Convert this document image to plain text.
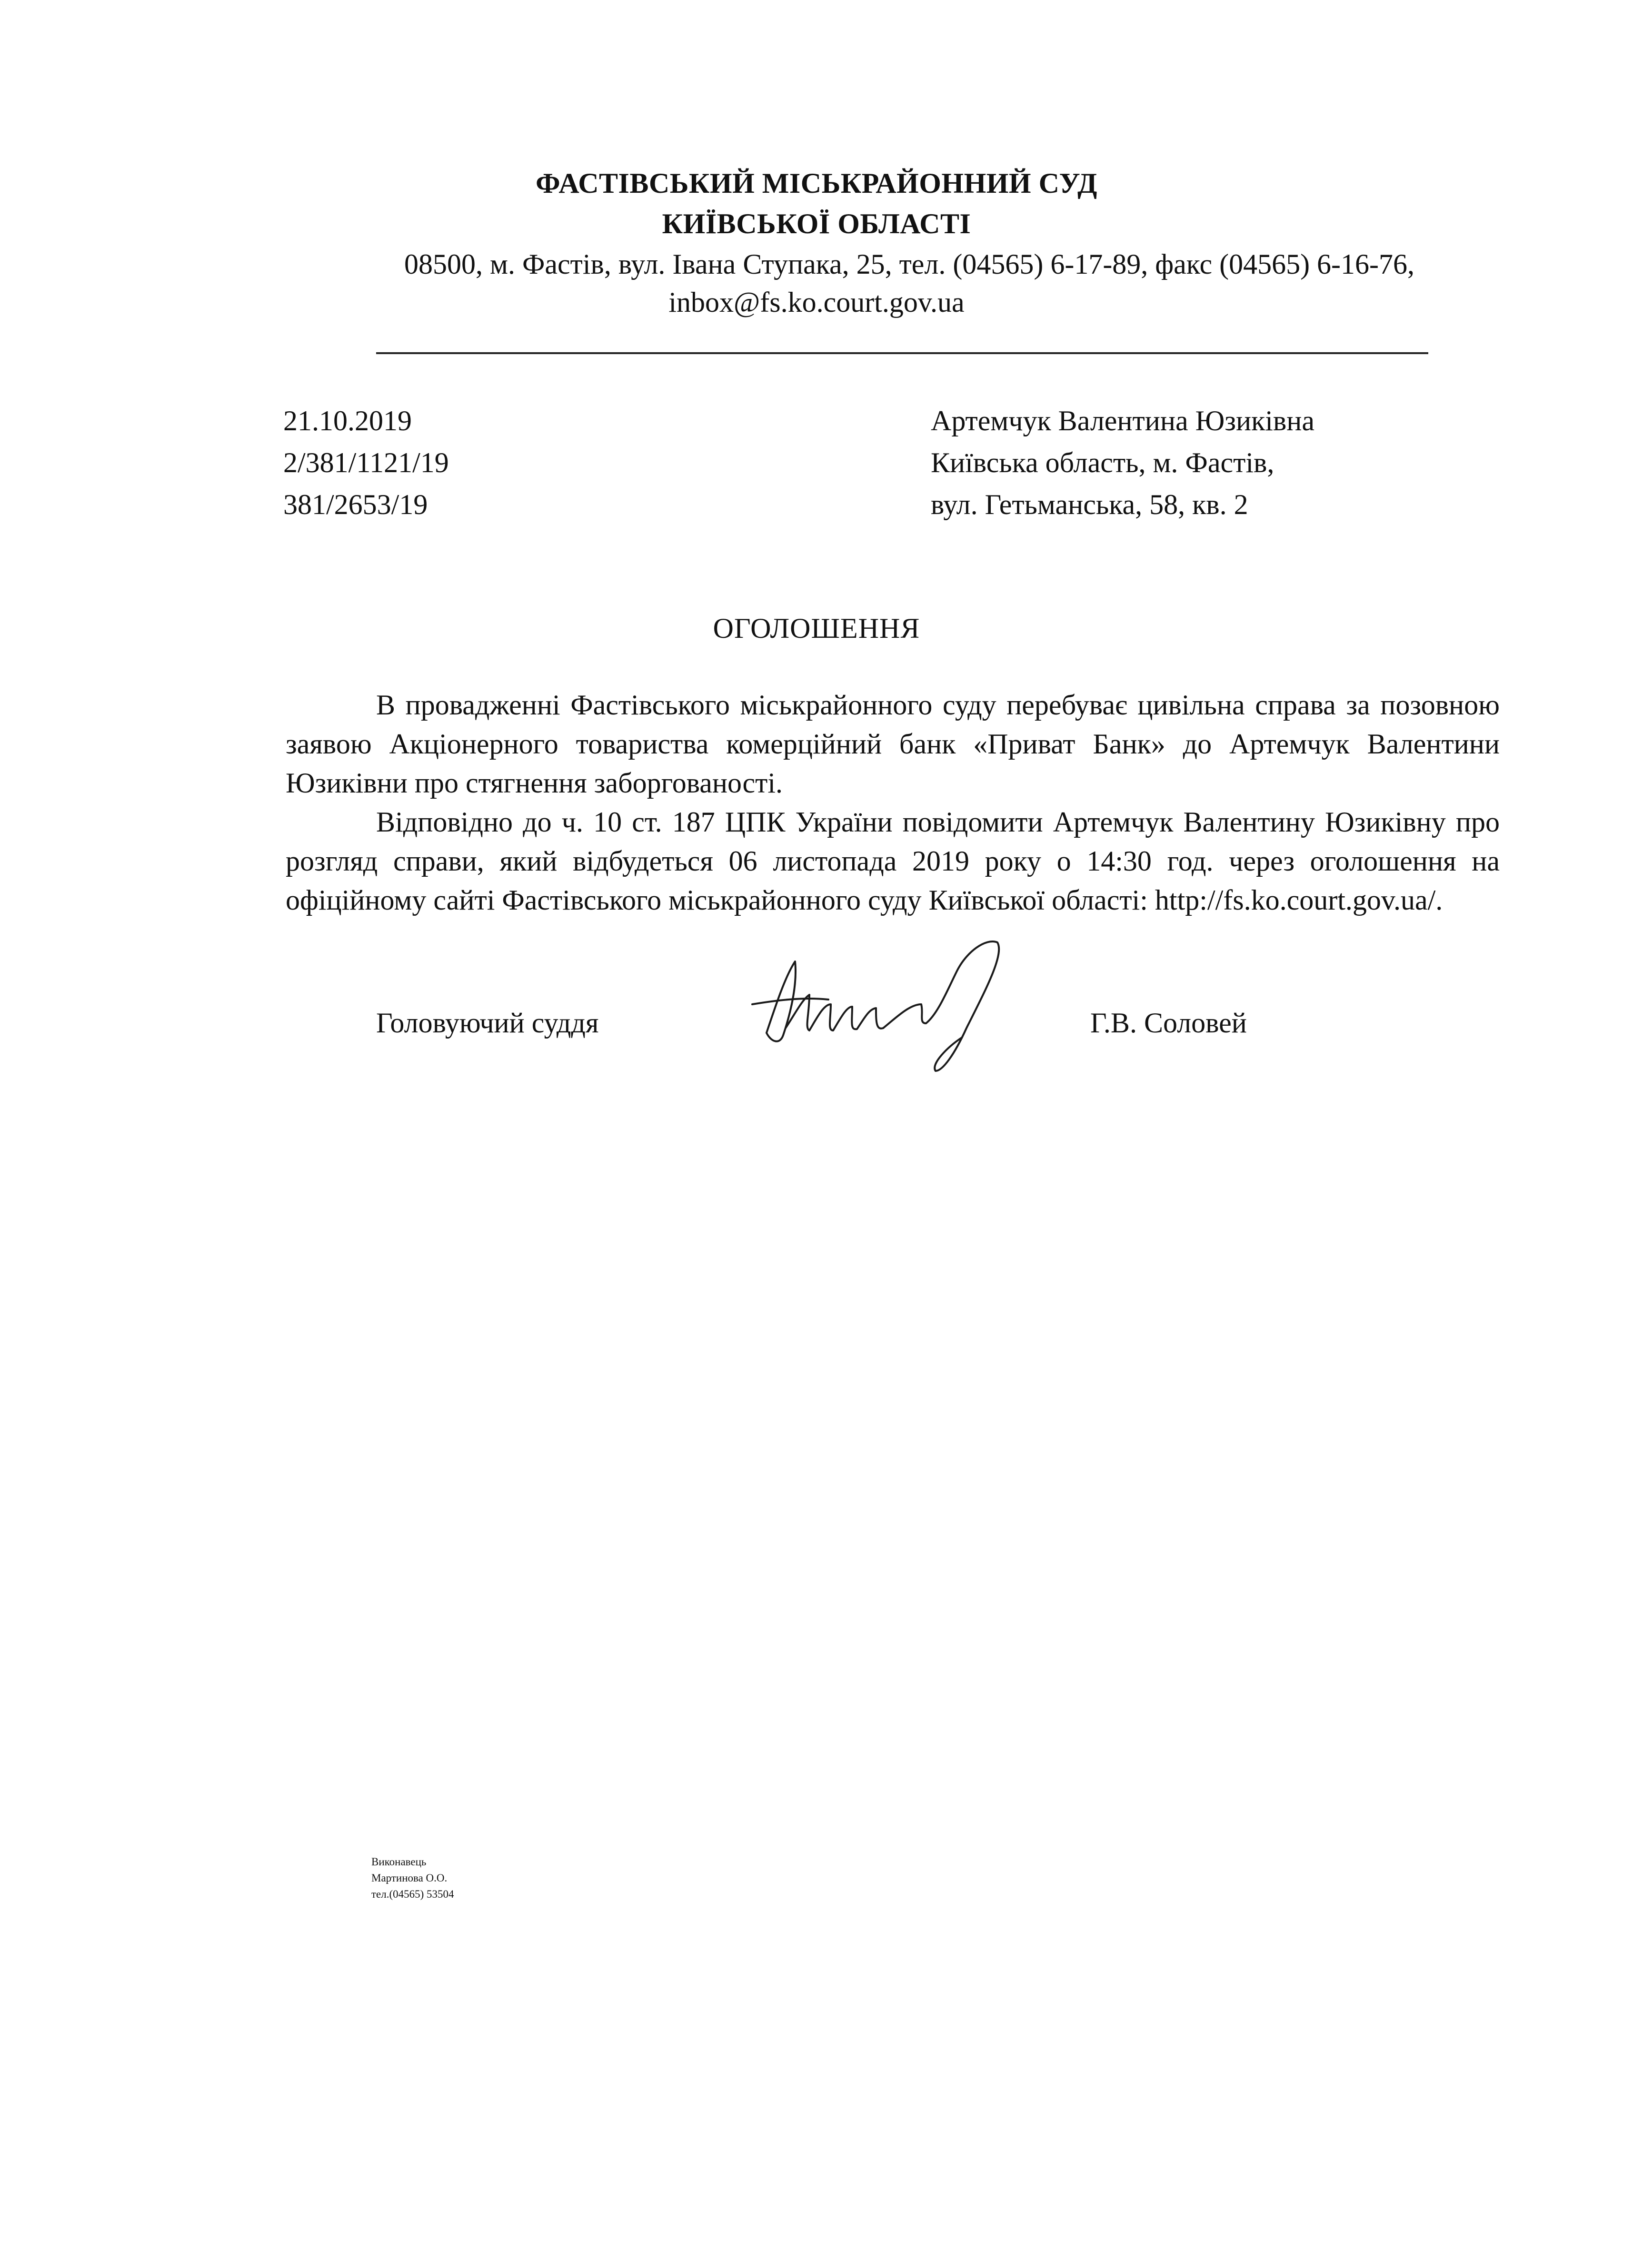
ФАСТІВСЬКИЙ МІСЬКРАЙОННИЙ СУД
КИЇВСЬКОЇ ОБЛАСТІ
08500, м. Фастів, вул. Івана Ступака, 25, тел. (04565) 6-17-89, факс (04565) 6-16-76,
inbox@fs.ko.court.gov.ua
21.10.2019
2/381/1121/19
381/2653/19
Артемчук Валентина Юзиківна
Київська область, м. Фастів,
вул. Гетьманська, 58, кв. 2
ОГОЛОШЕННЯ

В провадженні Фастівського міськрайонного суду перебуває цивільна справа за позовною заявою Акціонерного товариства комерційний банк «Приват Банк» до Артемчук Валентини Юзиківни про стягнення заборгованості.

Відповідно до ч. 10 ст. 187 ЦПК України повідомити Артемчук Валентину Юзиківну про розгляд справи, який відбудеться 06 листопада 2019 року о 14:30 год. через оголошення на офіційному сайті Фастівського міськрайонного суду Київської області: http://fs.ko.court.gov.ua/.

Головуючий суддя	Г.В. Соловей
Виконавець
Мартинова О.О.
тел.(04565) 53504
